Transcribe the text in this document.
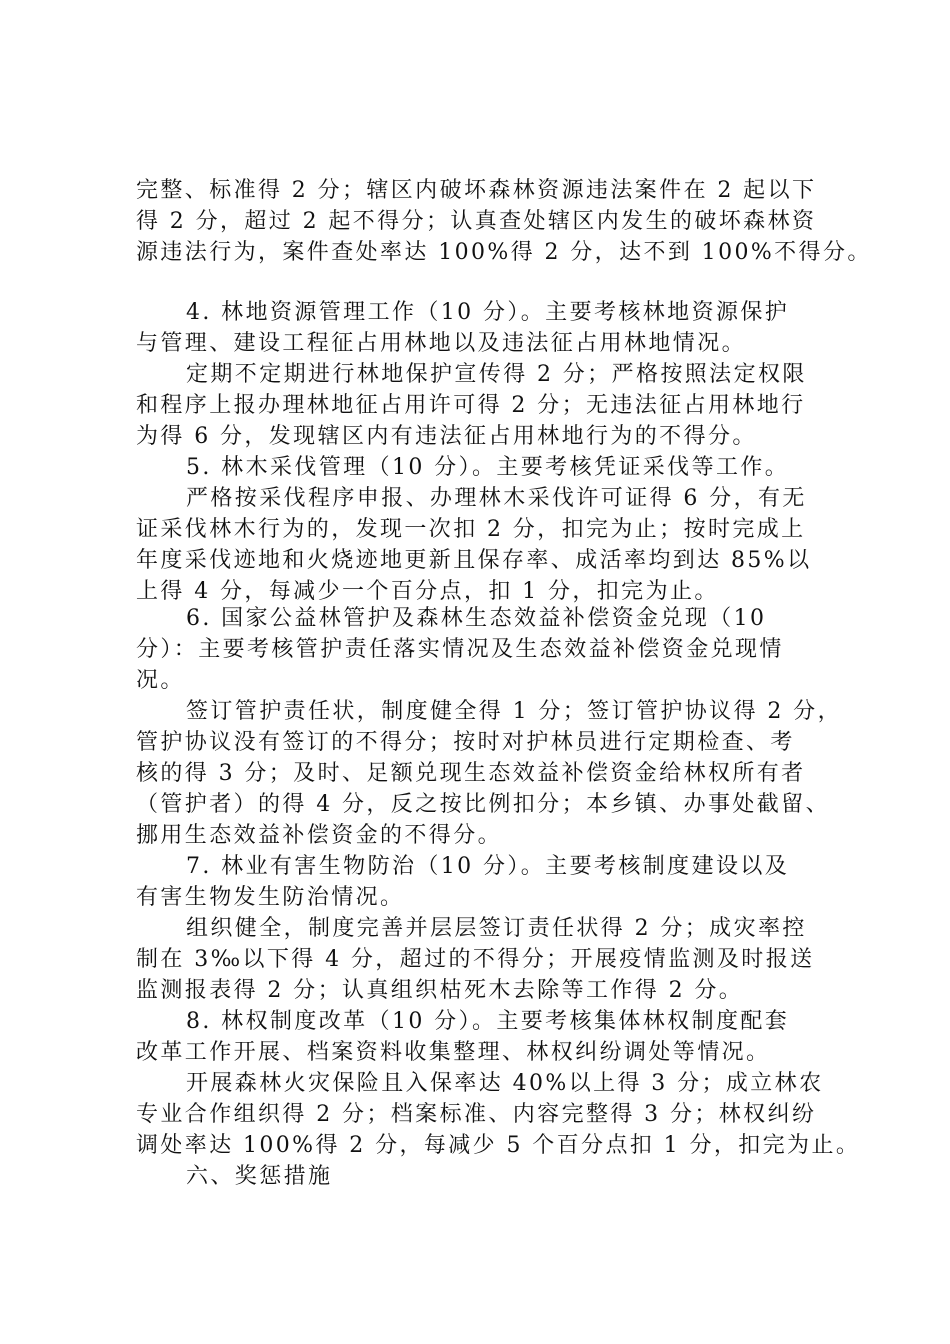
完整、标准得 2 分；辖区内破坏森林资源违法案件在 2 起以下
得 2 分，超过 2 起不得分；认真查处辖区内发生的破坏森林资
源违法行为，案件查处率达 100%得 2 分，达不到 100%不得分。
4. 林地资源管理工作（10 分）。主要考核林地资源保护
与管理、建设工程征占用林地以及违法征占用林地情况。
定期不定期进行林地保护宣传得 2 分；严格按照法定权限
和程序上报办理林地征占用许可得 2 分；无违法征占用林地行
为得 6 分，发现辖区内有违法征占用林地行为的不得分。
5. 林木采伐管理（10 分）。主要考核凭证采伐等工作。
严格按采伐程序申报、办理林木采伐许可证得 6 分，有无
证采伐林木行为的，发现一次扣 2 分，扣完为止；按时完成上
年度采伐迹地和火烧迹地更新且保存率、成活率均到达 85%以
上得 4 分，每减少一个百分点，扣 1 分，扣完为止。
6. 国家公益林管护及森林生态效益补偿资金兑现（10
分）：主要考核管护责任落实情况及生态效益补偿资金兑现情
况。
签订管护责任状，制度健全得 1 分；签订管护协议得 2 分，
管护协议没有签订的不得分；按时对护林员进行定期检查、考
核的得 3 分；及时、足额兑现生态效益补偿资金给林权所有者
（管护者）的得 4 分，反之按比例扣分；本乡镇、办事处截留、
挪用生态效益补偿资金的不得分。
7. 林业有害生物防治（10 分）。主要考核制度建设以及
有害生物发生防治情况。
组织健全，制度完善并层层签订责任状得 2 分；成灾率控
制在 3‰以下得 4 分，超过的不得分；开展疫情监测及时报送
监测报表得 2 分；认真组织枯死木去除等工作得 2 分。
8. 林权制度改革（10 分）。主要考核集体林权制度配套
改革工作开展、档案资料收集整理、林权纠纷调处等情况。
开展森林火灾保险且入保率达 40%以上得 3 分；成立林农
专业合作组织得 2 分；档案标准、内容完整得 3 分；林权纠纷
调处率达 100%得 2 分，每减少 5 个百分点扣 1 分，扣完为止。
六、奖惩措施
